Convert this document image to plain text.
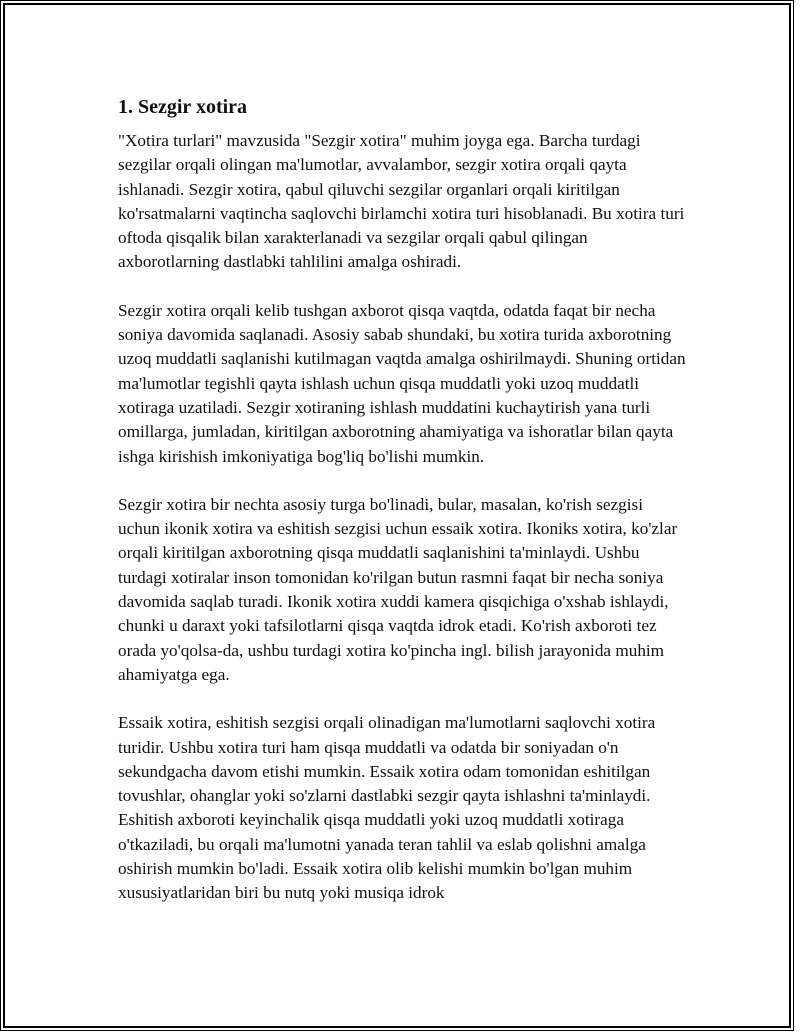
1. Sezgir xotira

"Xotira turlari" mavzusida "Sezgir xotira" muhim joyga ega. Barcha turdagi sezgilar orqali olingan ma'lumotlar, avvalambor, sezgir xotira orqali qayta ishlanadi. Sezgir xotira, qabul qiluvchi sezgilar organlari orqali kiritilgan ko'rsatmalarni vaqtincha saqlovchi birlamchi xotira turi hisoblanadi. Bu xotira turi oftoda qisqalik bilan xarakterlanadi va sezgilar orqali qabul qilingan axborotlarning dastlabki tahlilini amalga oshiradi.

Sezgir xotira orqali kelib tushgan axborot qisqa vaqtda, odatda faqat bir necha soniya davomida saqlanadi. Asosiy sabab shundaki, bu xotira turida axborotning uzoq muddatli saqlanishi kutilmagan vaqtda amalga oshirilmaydi. Shuning ortidan ma'lumotlar tegishli qayta ishlash uchun qisqa muddatli yoki uzoq muddatli xotiraga uzatiladi. Sezgir xotiraning ishlash muddatini kuchaytirish yana turli omillarga, jumladan, kiritilgan axborotning ahamiyatiga va ishoratlar bilan qayta ishga kirishish imkoniyatiga bog'liq bo'lishi mumkin.

Sezgir xotira bir nechta asosiy turga bo'linadi, bular, masalan, ko'rish sezgisi uchun ikonik xotira va eshitish sezgisi uchun essaik xotira. Ikoniks xotira, ko'zlar orqali kiritilgan axborotning qisqa muddatli saqlanishini ta'minlaydi. Ushbu turdagi xotiralar inson tomonidan ko'rilgan butun rasmni faqat bir necha soniya davomida saqlab turadi. Ikonik xotira xuddi kamera qisqichiga o'xshab ishlaydi, chunki u daraxt yoki tafsilotlarni qisqa vaqtda idrok etadi. Ko'rish axboroti tez orada yo'qolsa-da, ushbu turdagi xotira ko'pincha ingl. bilish jarayonida muhim ahamiyatga ega.

Essaik xotira, eshitish sezgisi orqali olinadigan ma'lumotlarni saqlovchi xotira turidir. Ushbu xotira turi ham qisqa muddatli va odatda bir soniyadan o'n sekundgacha davom etishi mumkin. Essaik xotira odam tomonidan eshitilgan tovushlar, ohanglar yoki so'zlarni dastlabki sezgir qayta ishlashni ta'minlaydi. Eshitish axboroti keyinchalik qisqa muddatli yoki uzoq muddatli xotiraga o'tkaziladi, bu orqali ma'lumotni yanada teran tahlil va eslab qolishni amalga oshirish mumkin bo'ladi. Essaik xotira olib kelishi mumkin bo'lgan muhim xususiyatlaridan biri bu nutq yoki musiqa idrok
